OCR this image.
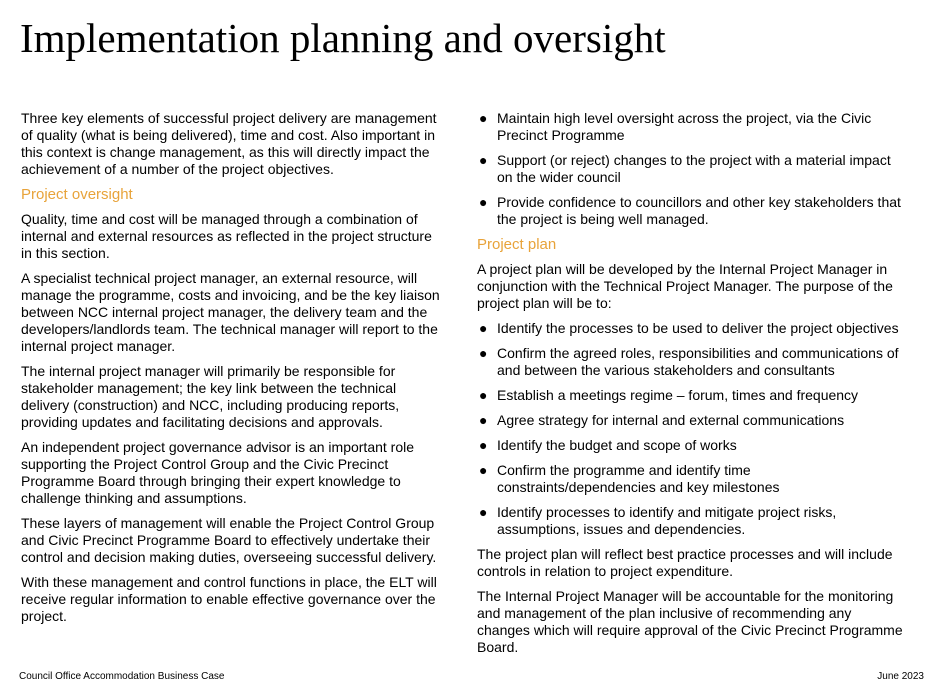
Implementation planning and oversight

Three key elements of successful project delivery are management of quality (what is being delivered), time and cost. Also important in this context is change management, as this will directly impact the achievement of a number of the project objectives.

Project oversight

Quality, time and cost will be managed through a combination of internal and external resources as reflected in the project structure in this section.

A specialist technical project manager, an external resource, will manage the programme, costs and invoicing, and be the key liaison between NCC internal project manager, the delivery team and the developers/landlords team. The technical manager will report to the internal project manager.

The internal project manager will primarily be responsible for stakeholder management; the key link between the technical delivery (construction) and NCC, including producing reports, providing updates and facilitating decisions and approvals.

An independent project governance advisor is an important role supporting the Project Control Group and the Civic Precinct Programme Board through bringing their expert knowledge to challenge thinking and assumptions.

These layers of management will enable the Project Control Group and Civic Precinct Programme Board to effectively undertake their control and decision making duties, overseeing successful delivery.

With these management and control functions in place, the ELT will receive regular information to enable effective governance over the project.

● Maintain high level oversight across the project, via the Civic Precinct Programme
● Support (or reject) changes to the project with a material impact on the wider council
● Provide confidence to councillors and other key stakeholders that the project is being well managed.
Project plan

A project plan will be developed by the Internal Project Manager in conjunction with the Technical Project Manager. The purpose of the project plan will be to:

● Identify the processes to be used to deliver the project objectives
● Confirm the agreed roles, responsibilities and communications of and between the various stakeholders and consultants
● Establish a meetings regime – forum, times and frequency
● Agree strategy for internal and external communications
● Identify the budget and scope of works
● Confirm the programme and identify time constraints/dependencies and key milestones
● Identify processes to identify and mitigate project risks, assumptions, issues and dependencies.

The project plan will reflect best practice processes and will include controls in relation to project expenditure.

The Internal Project Manager will be accountable for the monitoring and management of the plan inclusive of recommending any changes which will require approval of the Civic Precinct Programme Board.

Council Office Accommodation Business Case	June 2023
